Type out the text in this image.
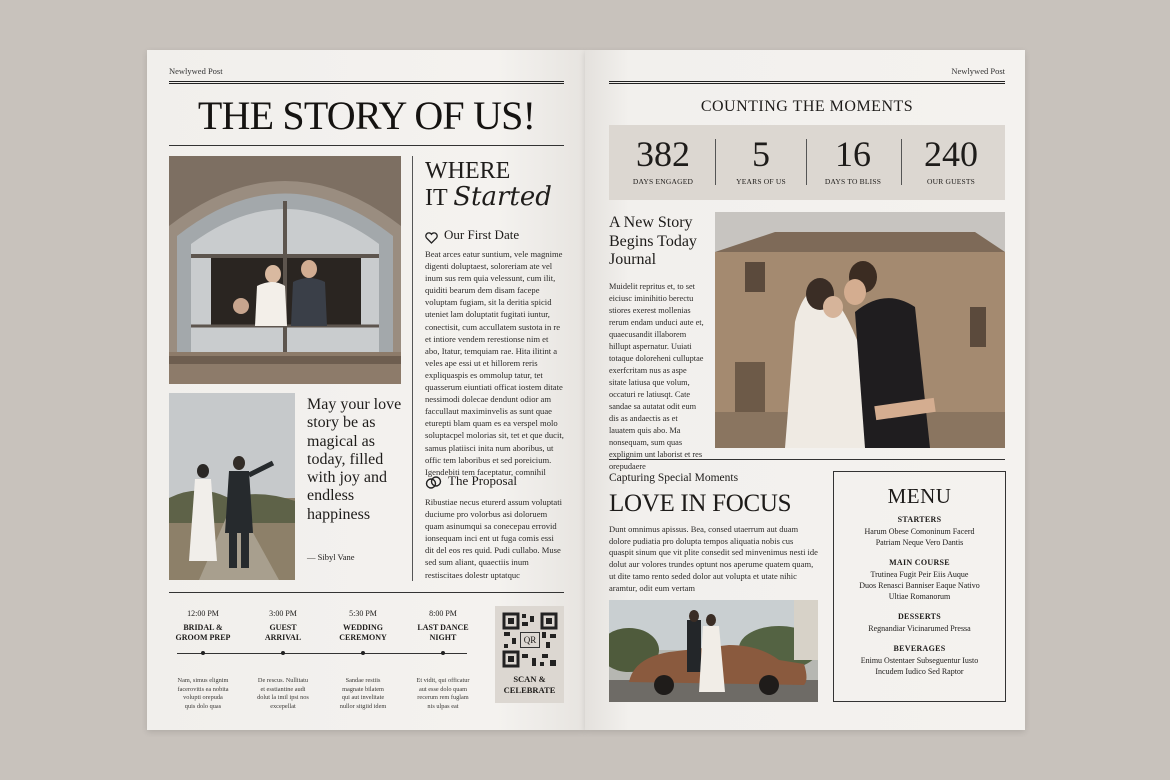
Newlywed Post
THE STORY OF US!
WHERE
IT Started
Our First Date
Beat arces eatur suntium, vele magnime digenti doluptaest, soloreriam ate vel inum sus rem quia velessunt, cum ilit, quiditi bearum dem disam facepe voluptam fugiam, sit la deritia spicid uteniet lam doluptatit fugitati iuntur, conectisit, cum accullatem sustota in re et intiore vendem rerestionse nim et abo, Itatur, temquiam rae. Hita ilitint a veles ape essi ut et hillorem reris expliquaspis es ommolup tatur, tet quasserum eiuntiati officat iostem ditate nessimodi dolecae dendunt odior am faccullaut maximinvelis as sunt quae eturepti blam quam es ea verspel molo soluptacpel molorias sit, tet et que ducit, samus platiisci inita num aboribus, ut offic tem laboribus et sed poreicium. Igendebiti tem faceptatur, comnihil
The Proposal
Ribustiae necus eturerd assum voluptati duciume pro volorbus asi doloruem quam asinumqui sa conecepau errovid ionsequam inci ent ut fuga comis essi dit del eos res quid. Pudi cullabo. Muse sed sum aliant, quaectiis inum restiscitaes dolestr uptatquc
May your love story be as magical as today, filled with joy and endless happiness
— Sibyl Vane
12:00 PM
BRIDAL &
GROOM PREP
Nam, simus elignim
facerovitis ea nobita
volupti orepuda
quis dolo quas
3:00 PM
GUEST
ARRIVAL
De rescus. Nullitatu
et esstiantine audi
dolut la imil ipsi nos
excepellat
5:30 PM
WEDDING
CEREMONY
Sandae restiis
magnate bilatem
qui aut invelitate
nullor sitgiid idem
8:00 PM
LAST DANCE
NIGHT
Et vidit, qui officatur
aut esse dolo quam
recerum rem fuglam
nis ulpas eat
QR
SCAN &
CELEBRATE
Newlywed Post
COUNTING THE MOMENTS
382
DAYS ENGAGED
5
YEARS OF US
16
DAYS TO BLISS
240
OUR GUESTS
A New Story
Begins Today
Journal
Muidelit repritus et, to set eiciusc iminihitio berectu stiores exerest mollenias rerum endam unduci aute et, quaecusandit illaborem hillupt aspernatur. Uuiati totaque doloreheni culluptae exerfcritam nus as aspe sitate latiusa que volum, occaturi re latiusqt. Cate sandae sa autatat odit eum dis as andaectis as et lauatem quis abo. Ma nonsequam, sum quas explignim unt laborist et res orepudaere
Capturing Special Moments
LOVE IN FOCUS
Dunt omnimus apissus. Bea, consed utaerrum aut duam dolore pudiatia pro dolupta tempos aliquatia nobis cus quaspit sinum que vit plite consedit sed minvenimus nesti ide dolut aur volores trundes optunt nos aperume quatem quam, ut dite tamo rento seded dolor aut volupta et utate nihic aramtur, odit eum vertam
MENU
STARTERS
Harum Obese Comoninum Facerd
Patriam Neque Vero Dantis
MAIN COURSE
Trutinea Fugit Peir Eiis Auque
Duos Renasci Banniser Eaque Nativo
Ultiae Romanorum
DESSERTS
Regnandiar Vicinarumed Pressa
BEVERAGES
Enimu Ostentaer Subseguentur Iusto
Incudem Iudico Sed Raptor
